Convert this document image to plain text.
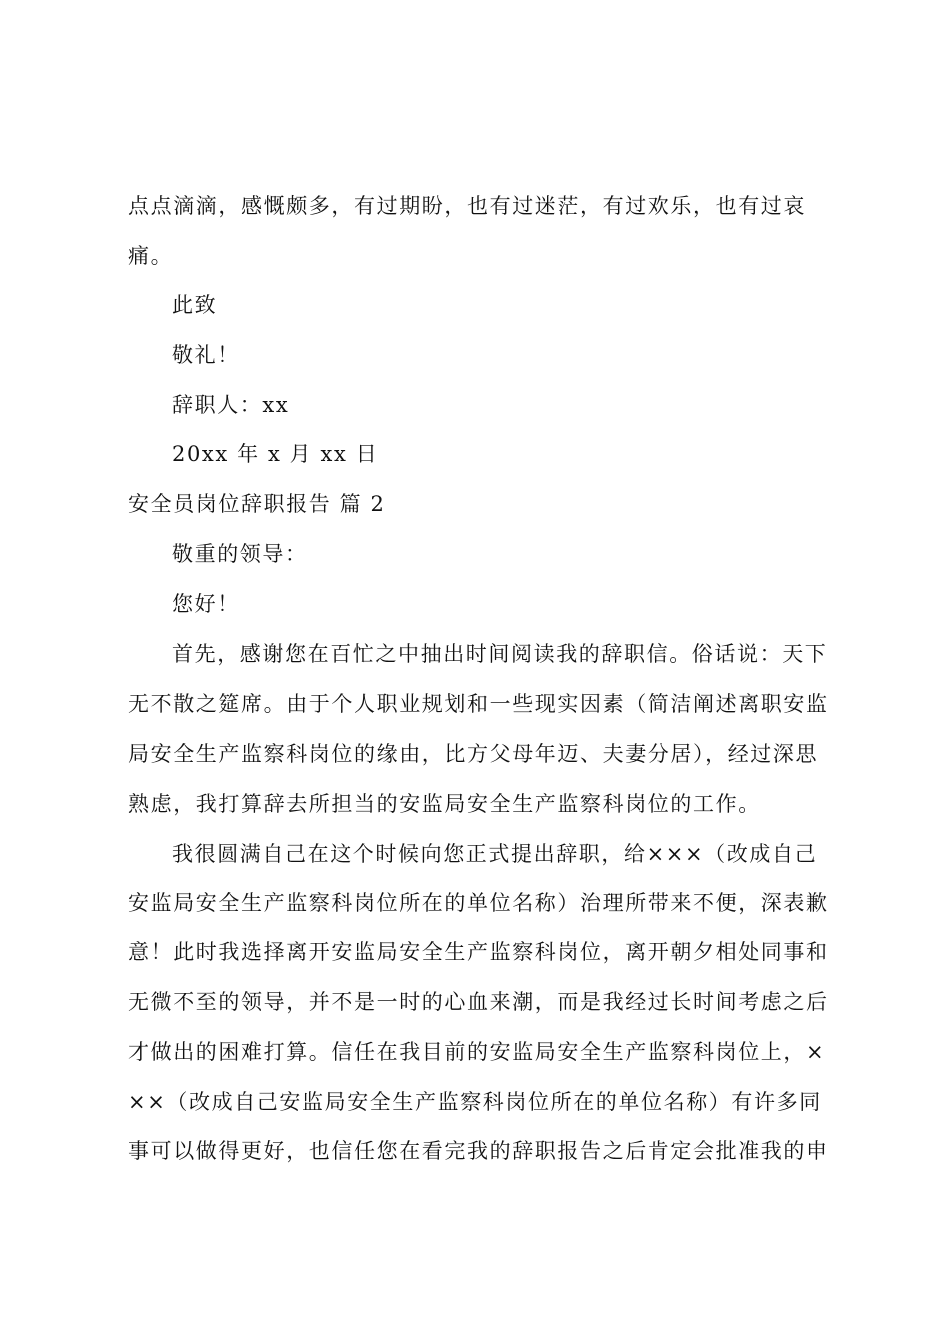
点点滴滴，感慨颇多，有过期盼，也有过迷茫，有过欢乐，也有过哀
痛。
此致
敬礼！
辞职人：xx
20xx 年 x 月 xx 日
安全员岗位辞职报告 篇 2
敬重的领导：
您好！
首先，感谢您在百忙之中抽出时间阅读我的辞职信。俗话说：天下
无不散之筵席。由于个人职业规划和一些现实因素（简洁阐述离职安监
局安全生产监察科岗位的缘由，比方父母年迈、夫妻分居），经过深思
熟虑，我打算辞去所担当的安监局安全生产监察科岗位的工作。
我很圆满自己在这个时候向您正式提出辞职，给×××（改成自己
安监局安全生产监察科岗位所在的单位名称）治理所带来不便，深表歉
意！此时我选择离开安监局安全生产监察科岗位，离开朝夕相处同事和
无微不至的领导，并不是一时的心血来潮，而是我经过长时间考虑之后
才做出的困难打算。信任在我目前的安监局安全生产监察科岗位上，×
××（改成自己安监局安全生产监察科岗位所在的单位名称）有许多同
事可以做得更好，也信任您在看完我的辞职报告之后肯定会批准我的申
